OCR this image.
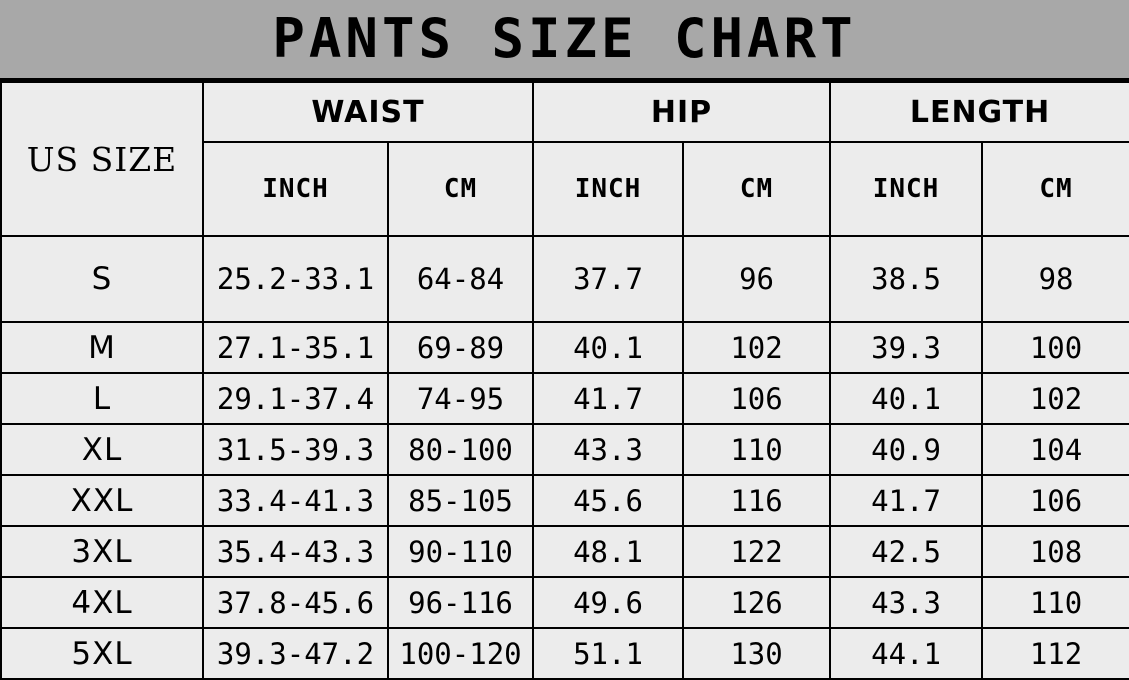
PANTS SIZE CHART
US SIZE	WAIST		HIP		LENGTH	
	INCH	CM	INCH	CM	INCH	CM
S	25.2-33.1	64-84	37.7	96	38.5	98
M	27.1-35.1	69-89	40.1	102	39.3	100
L	29.1-37.4	74-95	41.7	106	40.1	102
XL	31.5-39.3	80-100	43.3	110	40.9	104
XXL	33.4-41.3	85-105	45.6	116	41.7	106
3XL	35.4-43.3	90-110	48.1	122	42.5	108
4XL	37.8-45.6	96-116	49.6	126	43.3	110
5XL	39.3-47.2	100-120	51.1	130	44.1	112
